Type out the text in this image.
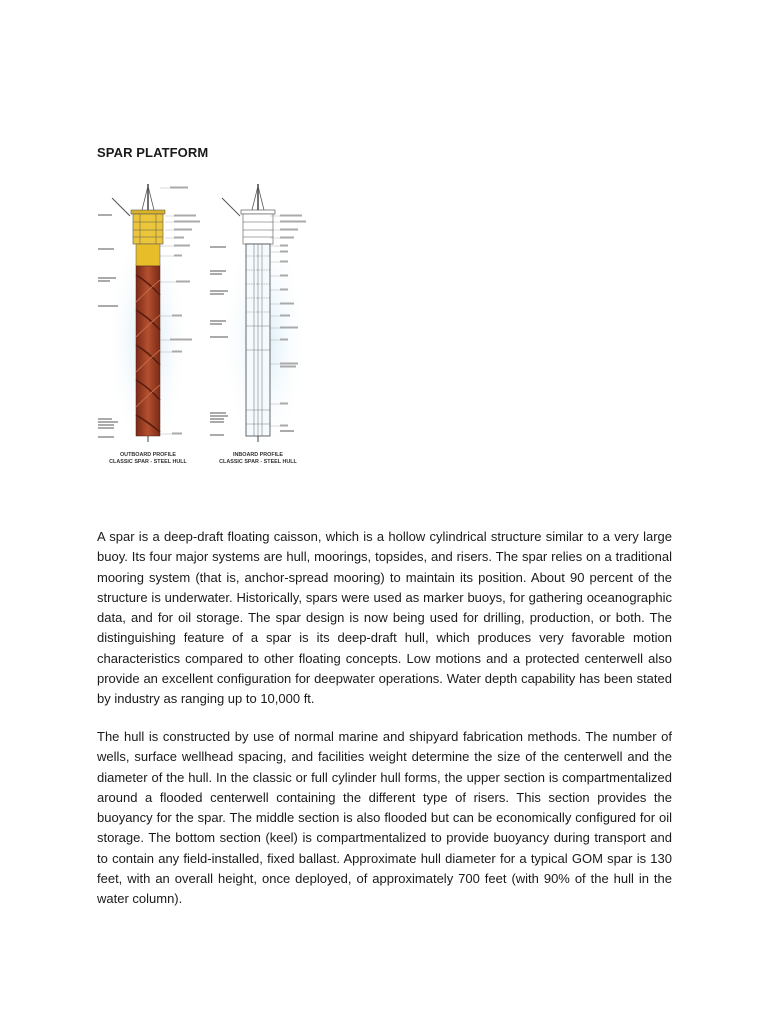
SPAR PLATFORM
OUTBOARD PROFILE
CLASSIC SPAR - STEEL HULL
INBOARD PROFILE
CLASSIC SPAR - STEEL HULL

A spar is a deep-draft floating caisson, which is a hollow cylindrical structure similar to a very large buoy. Its four major systems are hull, moorings, topsides, and risers. The spar relies on a traditional mooring system (that is, anchor-spread mooring) to maintain its position. About 90 percent of the structure is underwater. Historically, spars were used as marker buoys, for gathering oceanographic data, and for oil storage. The spar design is now being used for drilling, production, or both. The distinguishing feature of a spar is its deep-draft hull, which produces very favorable motion characteristics compared to other floating concepts. Low motions and a protected centerwell also provide an excellent configuration for deepwater operations. Water depth capability has been stated by industry as ranging up to 10,000 ft.

The hull is constructed by use of normal marine and shipyard fabrication methods. The number of wells, surface wellhead spacing, and facilities weight determine the size of the centerwell and the diameter of the hull. In the classic or full cylinder hull forms, the upper section is compartmentalized around a flooded centerwell containing the different type of risers. This section provides the buoyancy for the spar. The middle section is also flooded but can be economically configured for oil storage. The bottom section (keel) is compartmentalized to provide buoyancy during transport and to contain any field-installed, fixed ballast. Approximate hull diameter for a typical GOM spar is 130 feet, with an overall height, once deployed, of approximately 700 feet (with 90% of the hull in the water column).
